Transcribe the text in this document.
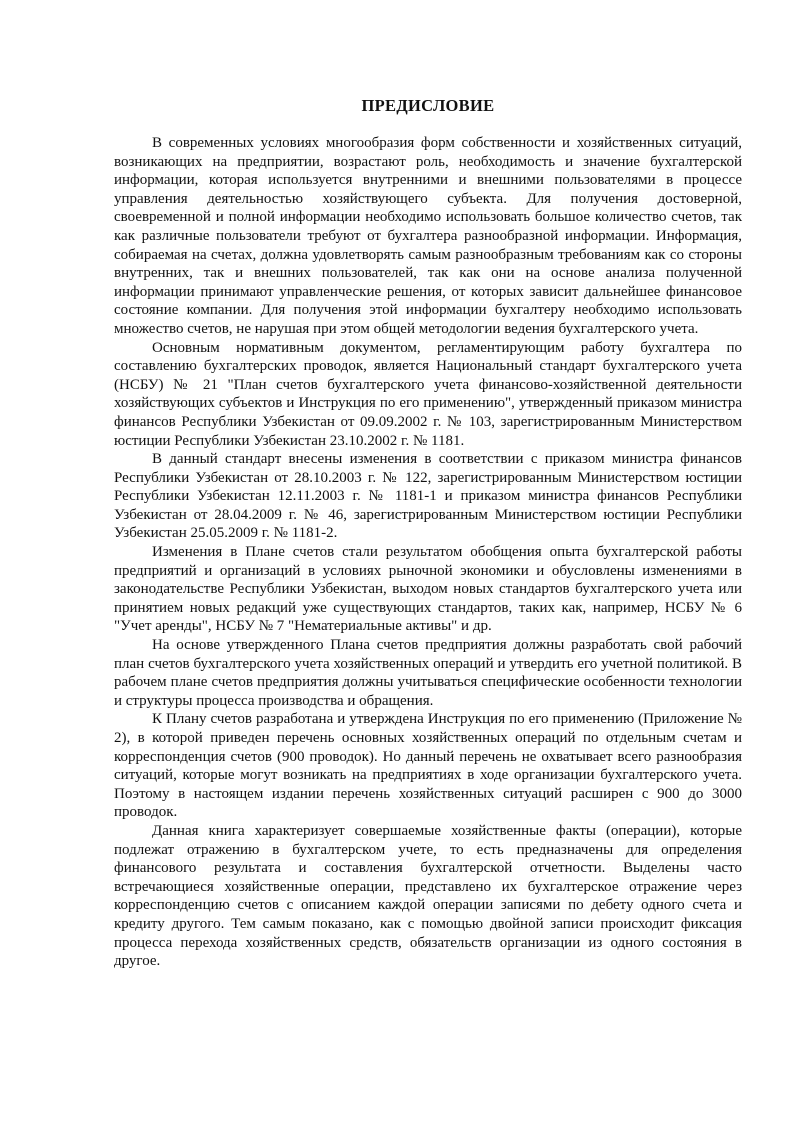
ПРЕДИСЛОВИЕ

В современных условиях многообразия форм собственности и хозяйственных ситуаций, возникающих на предприятии, возрастают роль, необходимость и значение бухгалтерской информации, которая используется внутренними и внешними пользователями в процессе управления деятельностью хозяйствующего субъекта. Для получения достоверной, своевременной и полной информации необходимо использовать большое количество счетов, так как различные пользователи требуют от бухгалтера разнообразной информации. Информация, собираемая на счетах, должна удовлетворять самым разнообразным требованиям как со стороны внутренних, так и внешних пользователей, так как они на основе анализа полученной информации принимают управленческие решения, от которых зависит дальнейшее финансовое состояние компании. Для получения этой информации бухгалтеру необходимо использовать множество счетов, не нарушая при этом общей методологии ведения бухгалтерского учета.

Основным нормативным документом, регламентирующим работу бухгалтера по составлению бухгалтерских проводок, является Национальный стандарт бухгалтерского учета (НСБУ) № 21 "План счетов бухгалтерского учета финансово-хозяйственной деятельности хозяйствующих субъектов и Инструкция по его применению", утвержденный приказом министра финансов Республики Узбекистан от 09.09.2002 г. № 103, зарегистрированным Министерством юстиции Республики Узбекистан 23.10.2002 г. № 1181.

В данный стандарт внесены изменения в соответствии с приказом министра финансов Республики Узбекистан от 28.10.2003 г. № 122, зарегистрированным Министерством юстиции Республики Узбекистан 12.11.2003 г. № 1181-1 и приказом министра финансов Республики Узбекистан от 28.04.2009 г. № 46, зарегистрированным Министерством юстиции Республики Узбекистан 25.05.2009 г. № 1181-2.

Изменения в Плане счетов стали результатом обобщения опыта бухгалтерской работы предприятий и организаций в условиях рыночной экономики и обусловлены изменениями в законодательстве Республики Узбекистан, выходом новых стандартов бухгалтерского учета или принятием новых редакций уже существующих стандартов, таких как, например, НСБУ № 6 "Учет аренды", НСБУ № 7 "Нематериальные активы" и др.

На основе утвержденного Плана счетов предприятия должны разработать свой рабочий план счетов бухгалтерского учета хозяйственных операций и утвердить его учетной политикой. В рабочем плане счетов предприятия должны учитываться специфические особенности технологии и структуры процесса производства и обращения.

К Плану счетов разработана и утверждена Инструкция по его применению (Приложение № 2), в которой приведен перечень основных хозяйственных операций по отдельным счетам и корреспонденция счетов (900 проводок). Но данный перечень не охватывает всего разнообразия ситуаций, которые могут возникать на предприятиях в ходе организации бухгалтерского учета. Поэтому в настоящем издании перечень хозяйственных ситуаций расширен с 900 до 3000 проводок.

Данная книга характеризует совершаемые хозяйственные факты (операции), которые подлежат отражению в бухгалтерском учете, то есть предназначены для определения финансового результата и составления бухгалтерской отчетности. Выделены часто встречающиеся хозяйственные операции, представлено их бухгалтерское отражение через корреспонденцию счетов с описанием каждой операции записями по дебету одного счета и кредиту другого. Тем самым показано, как с помощью двойной записи происходит фиксация процесса перехода хозяйственных средств, обязательств организации из одного состояния в другое.
